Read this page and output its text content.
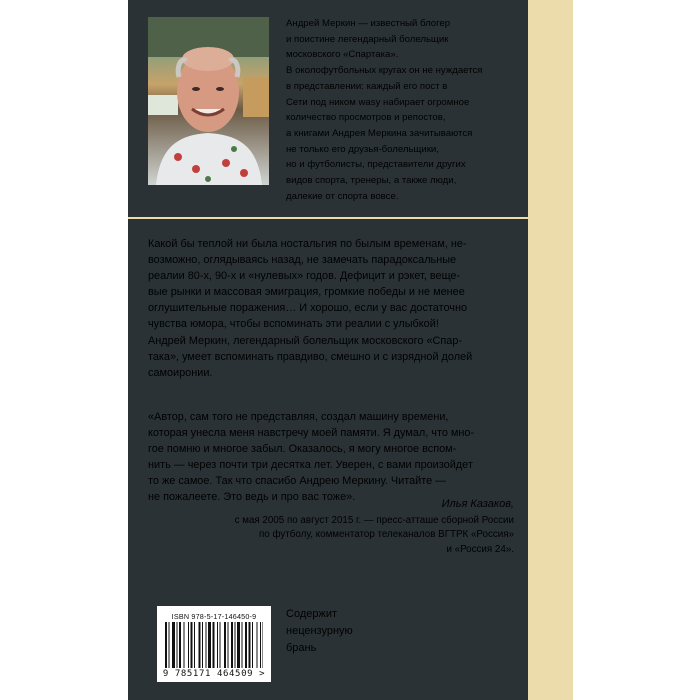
Андрей Меркин — известный блогер
и поистине легендарный болельщик
московского «Спартака».
В околофутбольных кругах он не нуждается
в представлении: каждый его пост в
Сети под ником wasy набирает огромное
количество просмотров и репостов,
а книгами Андрея Меркина зачитываются
не только его друзья-болельщики,
но и футболисты, представители других
видов спорта, тренеры, а также люди,
далекие от спорта вовсе.

Какой бы теплой ни была ностальгия по былым временам, не-
возможно, оглядываясь назад, не замечать парадоксальные
реалии 80-х, 90-х и «нулевых» годов. Дефицит и рэкет, веще-
вые рынки и массовая эмиграция, громкие победы и не менее
оглушительные поражения… И хорошо, если у вас достаточно
чувства юмора, чтобы вспоминать эти реалии с улыбкой!
Андрей Меркин, легендарный болельщик московского «Спар-
така», умеет вспоминать правдиво, смешно и с изрядной долей
самоиронии.

«Автор, сам того не представляя, создал машину времени,
которая унесла меня навстречу моей памяти. Я думал, что мно-
гое помню и многое забыл. Оказалось, я могу многое вспом-
нить — через почти три десятка лет. Уверен, с вами произойдет
то же самое. Так что спасибо Андрею Меркину. Читайте —
не пожалеете. Это ведь и про вас тоже».

Илья Казаков,

с мая 2005 по август 2015 г. — пресс-атташе сборной России
по футболу, комментатор телеканалов ВГТРК «Россия»
и «Россия 24».

ISBN 978-5-17-146450-9
9 785171 464509 >

Содержит
нецензурную
брань
